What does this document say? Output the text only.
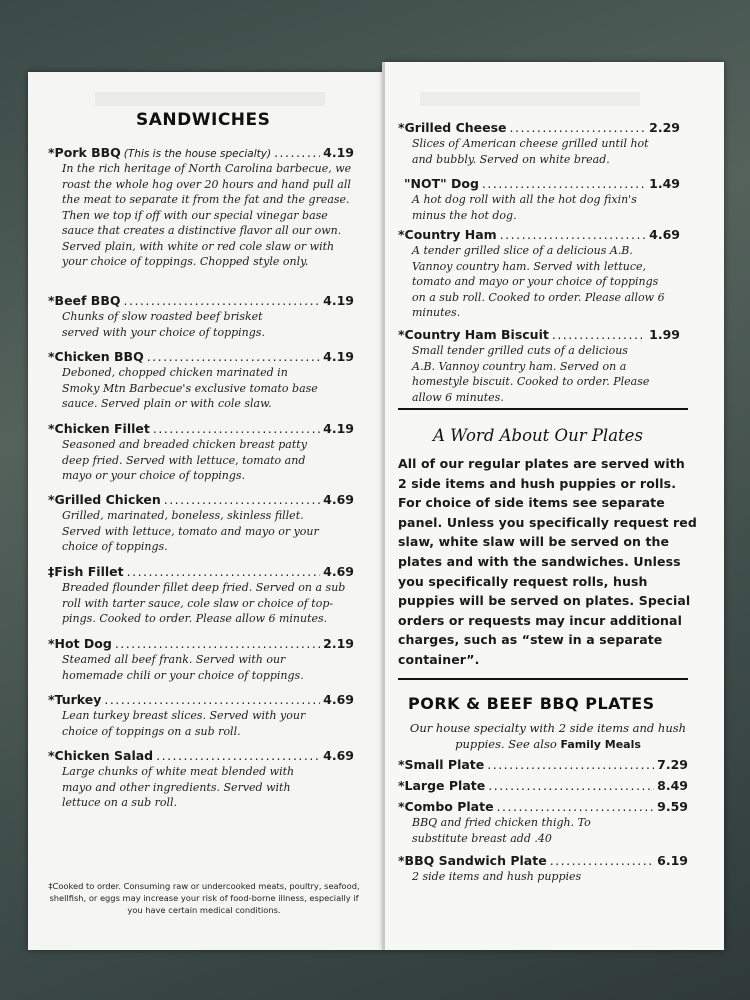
SANDWICHES
*Pork BBQ (This is the house specialty) .....	4.19
In the rich heritage of North Carolina barbecue, we roast the whole hog over 20 hours and hand pull all the meat to separate it from the fat and the grease. Then we top if off with our special vinegar base sauce that creates a distinctive flavor all our own. Served plain, with white or red cole slaw or with your choice of toppings. Chopped style only.
*Beef BBQ .....	4.19
Chunks of slow roasted beef brisket served with your choice of toppings.
*Chicken BBQ .....	4.19
Deboned, chopped chicken marinated in Smoky Mtn Barbecue's exclusive tomato base sauce. Served plain or with cole slaw.
*Chicken Fillet .....	4.19
Seasoned and breaded chicken breast patty deep fried. Served with lettuce, tomato and mayo or your choice of toppings.
*Grilled Chicken .....	4.69
Grilled, marinated, boneless, skinless fillet. Served with lettuce, tomato and mayo or your choice of toppings.
‡Fish Fillet .....	4.69
Breaded flounder fillet deep fried. Served on a sub roll with tarter sauce, cole slaw or choice of top-pings. Cooked to order. Please allow 6 minutes.
*Hot Dog .....	2.19
Steamed all beef frank. Served with our homemade chili or your choice of toppings.
*Turkey .....	4.69
Lean turkey breast slices. Served with your choice of toppings on a sub roll.
*Chicken Salad .....	4.69
Large chunks of white meat blended with mayo and other ingredients. Served with lettuce on a sub roll.
‡Cooked to order. Consuming raw or undercooked meats, poultry, seafood, shellfish, or eggs may increase your risk of food-borne illness, especially if you have certain medical conditions.
*Grilled Cheese .....	2.29
Slices of American cheese grilled until hot and bubbly. Served on white bread.
"NOT" Dog .....	1.49
A hot dog roll with all the hot dog fixin's minus the hot dog.
*Country Ham .....	4.69
A tender grilled slice of a delicious A.B. Vannoy country ham. Served with lettuce, tomato and mayo or your choice of toppings on a sub roll. Cooked to order. Please allow 6 minutes.
*Country Ham Biscuit .....	1.99
Small tender grilled cuts of a delicious A.B. Vannoy country ham. Served on a homestyle biscuit. Cooked to order. Please allow 6 minutes.
A Word About Our Plates
All of our regular plates are served with 2 side items and hush puppies or rolls. For choice of side items see separate panel. Unless you specifically request red slaw, white slaw will be served on the plates and with the sandwiches. Unless you specifically request rolls, hush puppies will be served on plates. Special orders or requests may incur additional charges, such as “stew in a separate container”.
PORK & BEEF BBQ PLATES
Our house specialty with 2 side items and hush puppies. See also Family Meals
*Small Plate .....	7.29
*Large Plate .....	8.49
*Combo Plate .....	9.59
BBQ and fried chicken thigh. To substitute breast add .40
*BBQ Sandwich Plate .....	6.19
2 side items and hush puppies
